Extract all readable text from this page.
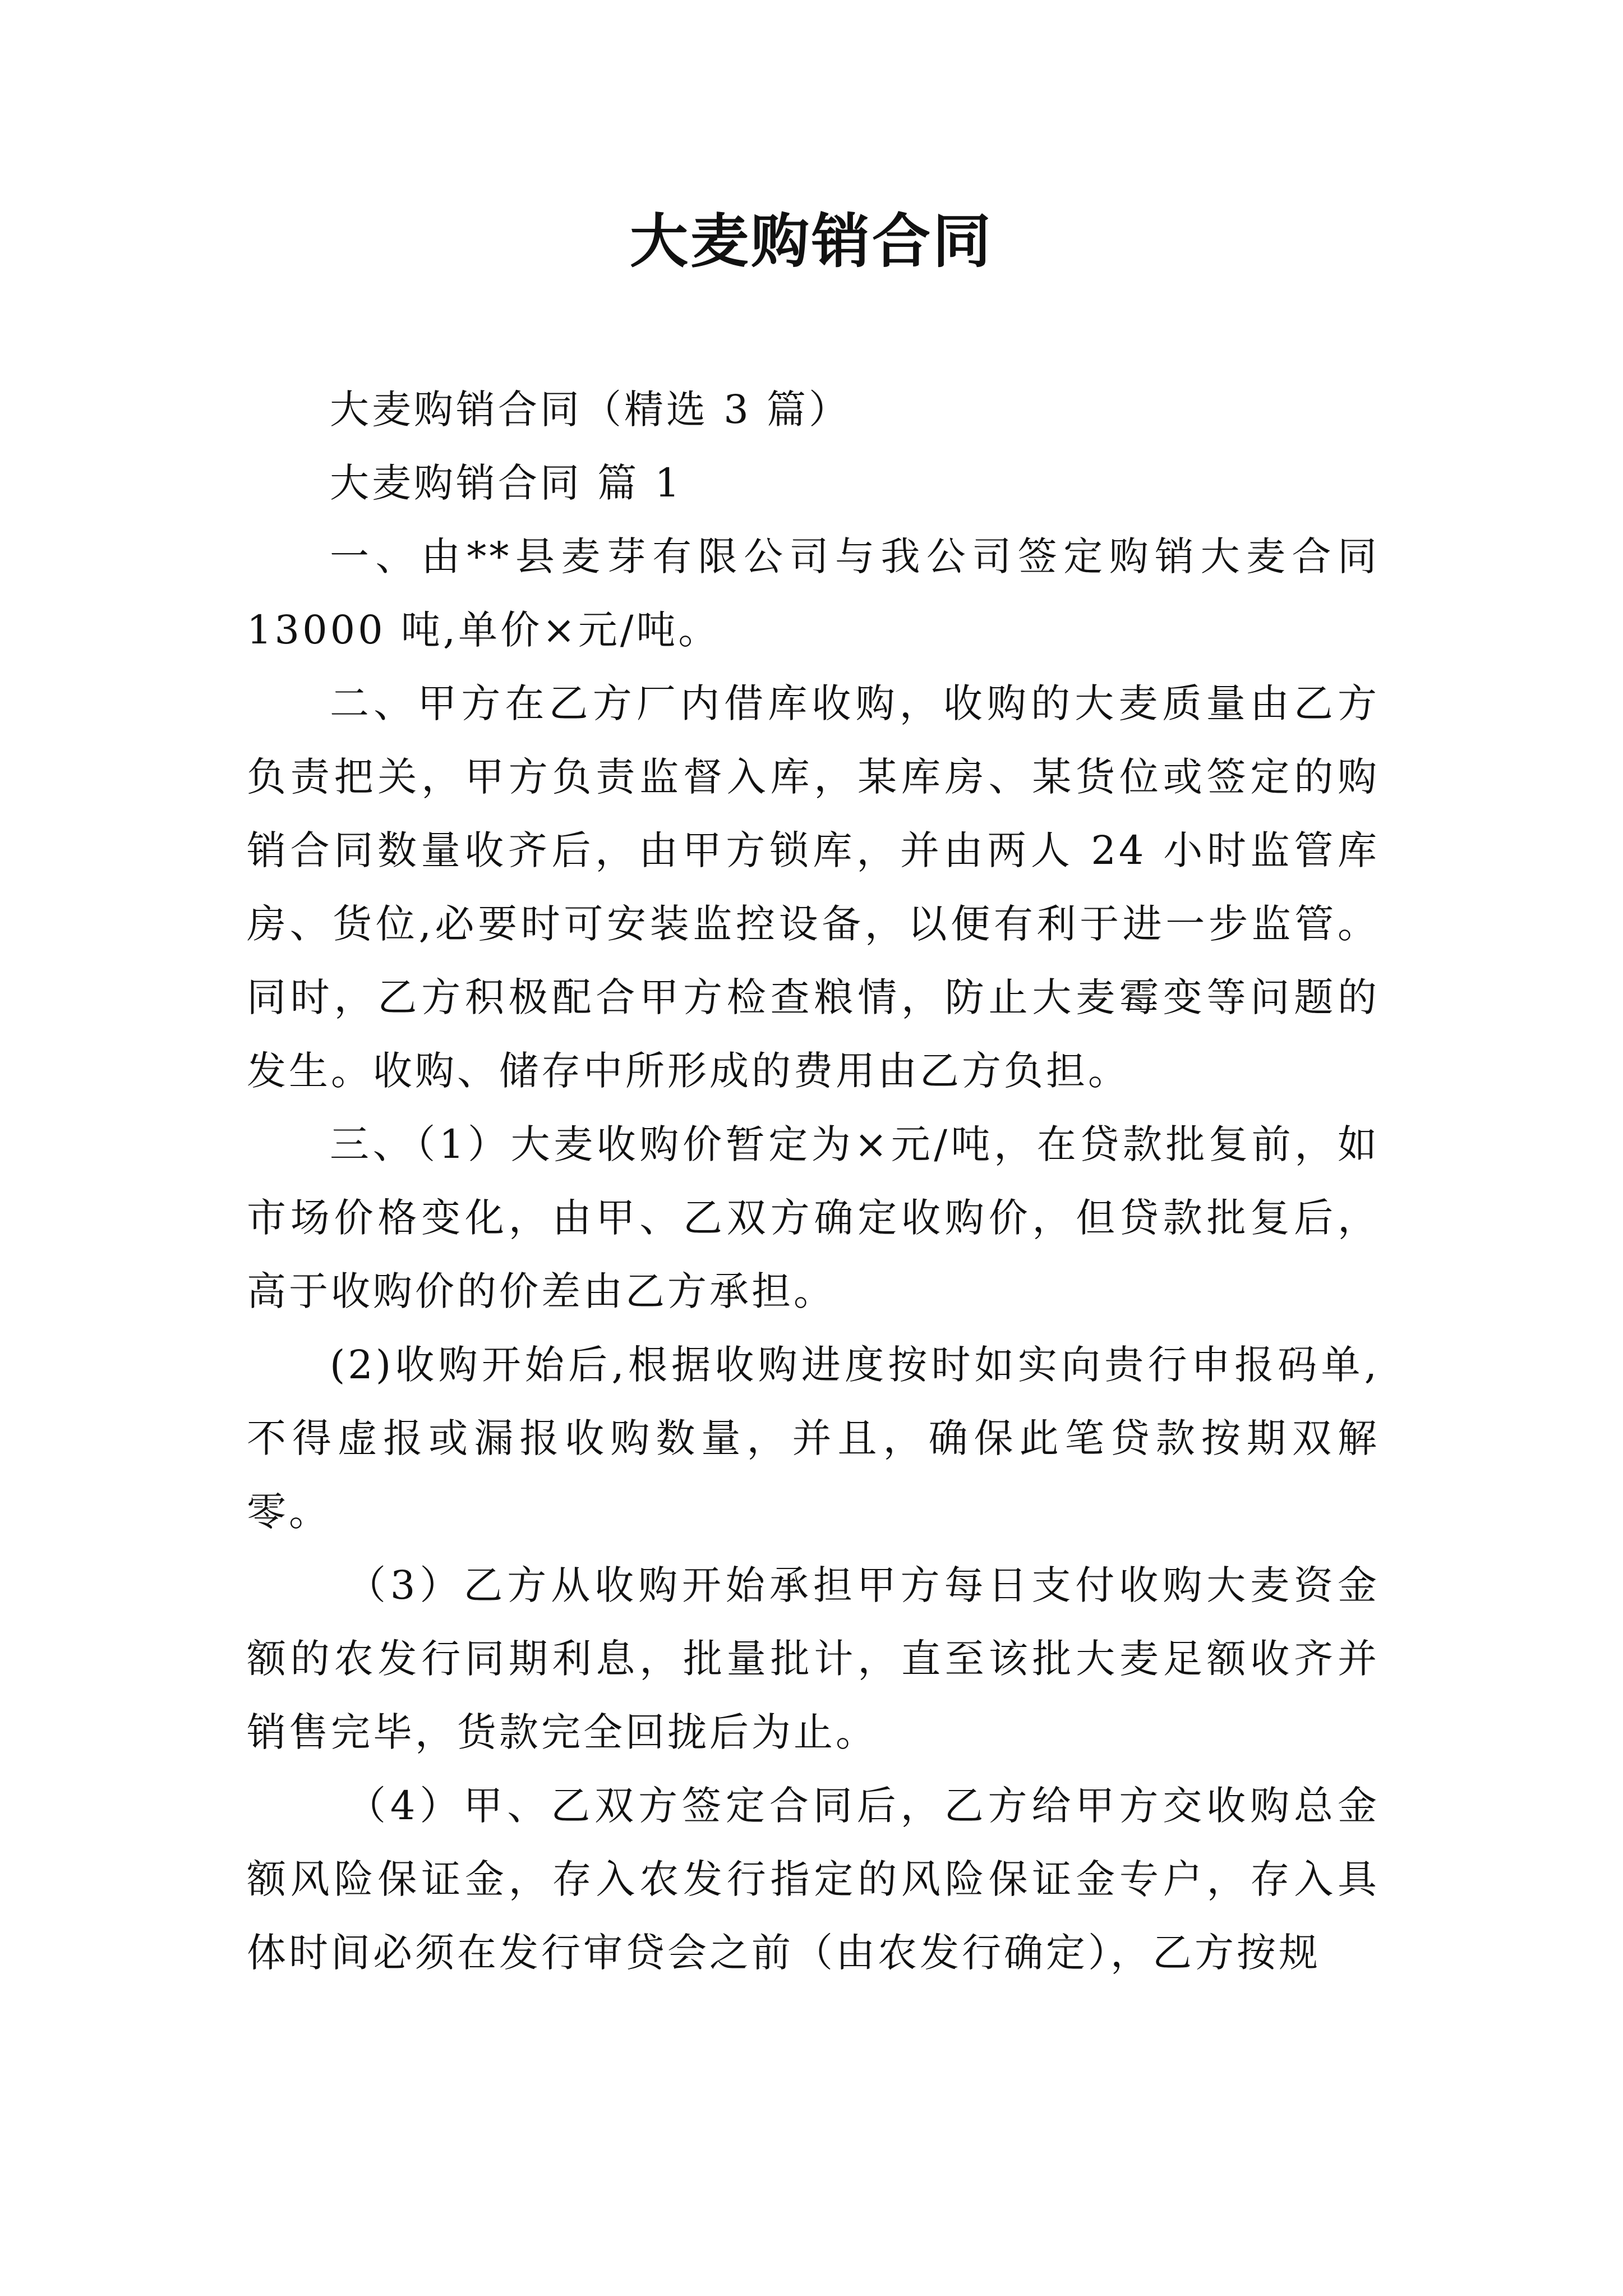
大麦购销合同

大麦购销合同（精选 3 篇）

大麦购销合同 篇 1

一、由**县麦芽有限公司与我公司签定购销大麦合同 13000 吨,单价×元/吨。

二、甲方在乙方厂内借库收购，收购的大麦质量由乙方负责把关，甲方负责监督入库，某库房、某货位或签定的购销合同数量收齐后，由甲方锁库，并由两人 24 小时监管库房、货位,必要时可安装监控设备，以便有利于进一步监管。同时，乙方积极配合甲方检查粮情，防止大麦霉变等问题的发生。收购、储存中所形成的费用由乙方负担。

三、（1）大麦收购价暂定为×元/吨，在贷款批复前，如市场价格变化，由甲、乙双方确定收购价，但贷款批复后，高于收购价的价差由乙方承担。

(2)收购开始后,根据收购进度按时如实向贵行申报码单,不得虚报或漏报收购数量，并且，确保此笔贷款按期双解零。

（3）乙方从收购开始承担甲方每日支付收购大麦资金额的农发行同期利息，批量批计，直至该批大麦足额收齐并销售完毕，货款完全回拢后为止。

（4）甲、乙双方签定合同后，乙方给甲方交收购总金额风险保证金，存入农发行指定的风险保证金专户，存入具体时间必须在发行审贷会之前（由农发行确定），乙方按规
